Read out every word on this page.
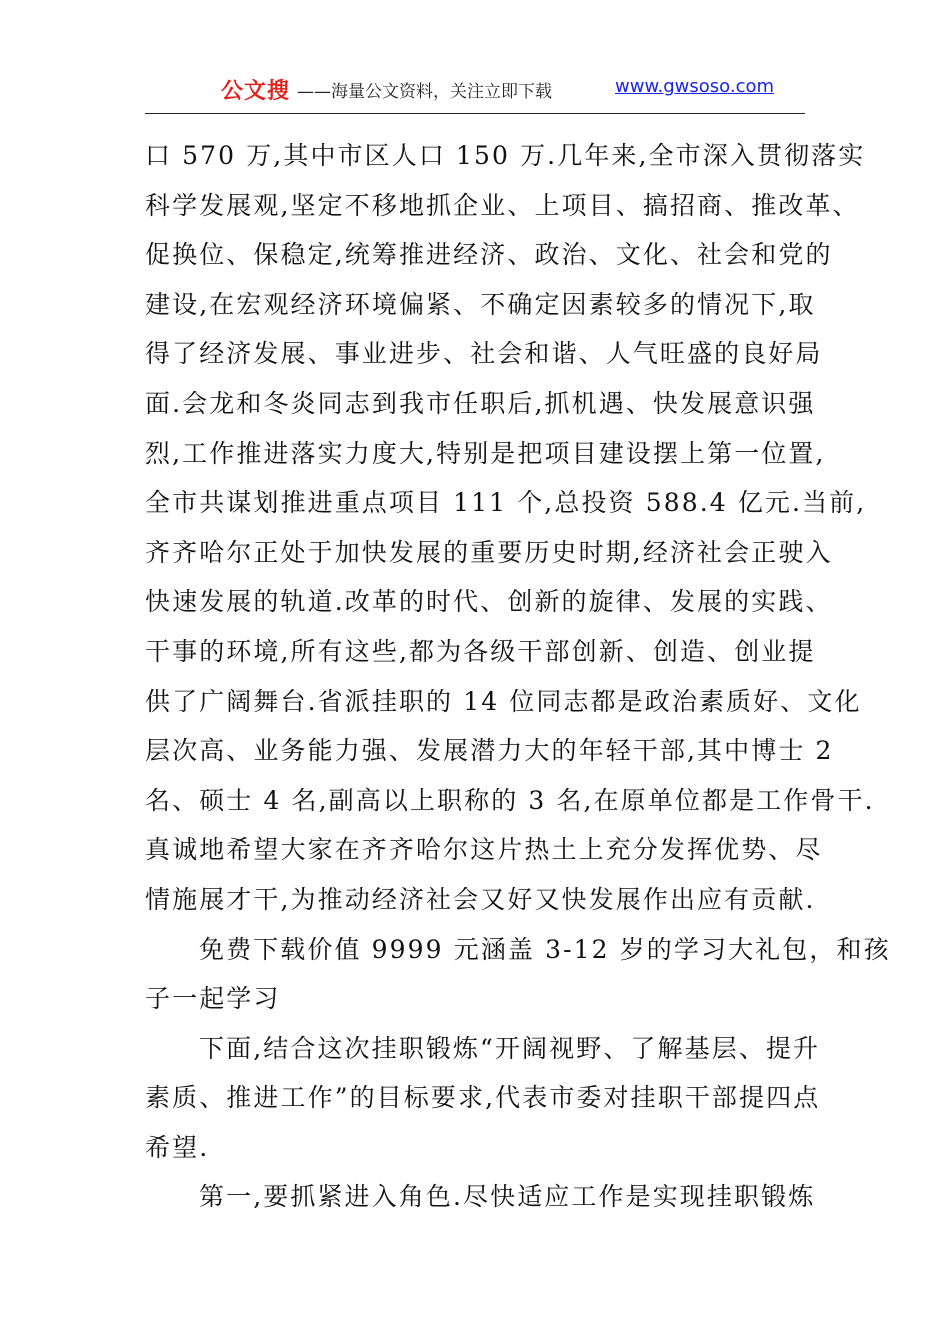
公文搜 ——海量公文资料，关注立即下载	www.gwsoso.com
口 570 万,其中市区人口 150 万.几年来,全市深入贯彻落实
科学发展观,坚定不移地抓企业、上项目、搞招商、推改革、
促换位、保稳定,统筹推进经济、政治、文化、社会和党的
建设,在宏观经济环境偏紧、不确定因素较多的情况下,取
得了经济发展、事业进步、社会和谐、人气旺盛的良好局
面.会龙和冬炎同志到我市任职后,抓机遇、快发展意识强
烈,工作推进落实力度大,特别是把项目建设摆上第一位置,
全市共谋划推进重点项目 111 个,总投资 588.4 亿元.当前,
齐齐哈尔正处于加快发展的重要历史时期,经济社会正驶入
快速发展的轨道.改革的时代、创新的旋律、发展的实践、
干事的环境,所有这些,都为各级干部创新、创造、创业提
供了广阔舞台.省派挂职的 14 位同志都是政治素质好、文化
层次高、业务能力强、发展潜力大的年轻干部,其中博士 2
名、硕士 4 名,副高以上职称的 3 名,在原单位都是工作骨干.
真诚地希望大家在齐齐哈尔这片热土上充分发挥优势、尽
情施展才干,为推动经济社会又好又快发展作出应有贡献.
免费下载价值 9999 元涵盖 3-12 岁的学习大礼包，和孩
子一起学习
下面,结合这次挂职锻炼“开阔视野、了解基层、提升
素质、推进工作”的目标要求,代表市委对挂职干部提四点
希望.
第一,要抓紧进入角色.尽快适应工作是实现挂职锻炼
